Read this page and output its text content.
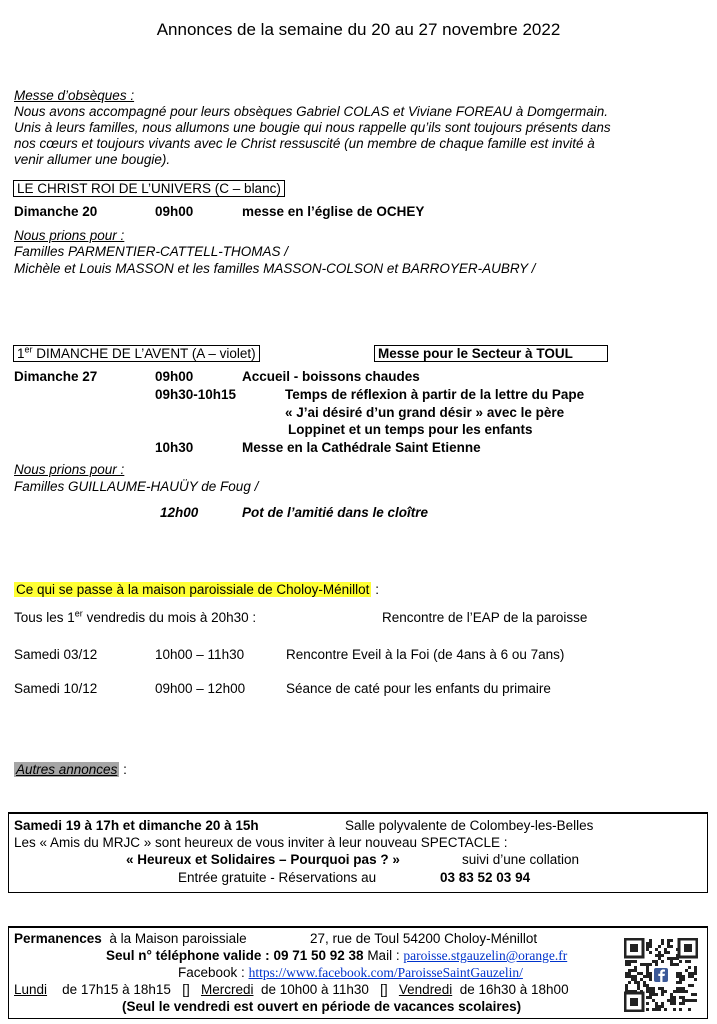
Annonces de la semaine du 20 au 27 novembre 2022
Messe d’obsèques :
Nous avons accompagné pour leurs obsèques Gabriel COLAS et Viviane FOREAU à Domgermain.
Unis à leurs familles, nous allumons une bougie qui nous rappelle qu’ils sont toujours présents dans
nos cœurs et toujours vivants avec le Christ ressuscité (un membre de chaque famille est invité à
venir allumer une bougie).
LE CHRIST ROI DE L’UNIVERS (C – blanc)
Dimanche 20	09h00	messe en l’église de OCHEY
Nous prions pour :
Familles PARMENTIER-CATTELL-THOMAS /
Michèle et Louis MASSON et les familles MASSON-COLSON et BARROYER-AUBRY /
1er DIMANCHE DE L’AVENT (A – violet)	Messe pour le Secteur à TOUL
Dimanche 27	09h00	Accueil - boissons chaudes
09h30-10h15	Temps de réflexion à partir de la lettre du Pape
« J’ai désiré d’un grand désir » avec le père
Loppinet et un temps pour les enfants
10h30	Messe en la Cathédrale Saint Etienne
Nous prions pour :
Familles GUILLAUME-HAUÜY de Foug /
12h00	Pot de l’amitié dans le cloître
Ce qui se passe à la maison paroissiale de Choloy-Ménillot :
Tous les 1er vendredis du mois à 20h30 :	Rencontre de l’EAP de la paroisse
Samedi 03/12	10h00 – 11h30	Rencontre Eveil à la Foi (de 4ans à 6 ou 7ans)
Samedi 10/12	09h00 – 12h00	Séance de caté pour les enfants du primaire
Autres annonces :
Samedi 19 à 17h et dimanche 20 à 15h	Salle polyvalente de Colombey-les-Belles
Les « Amis du MRJC » sont heureux de vous inviter à leur nouveau SPECTACLE :
« Heureux et Solidaires – Pourquoi pas ? »	suivi d’une collation
Entrée gratuite - Réservations au	03 83 52 03 94
Permanences à la Maison paroissiale	27, rue de Toul 54200 Choloy-Ménillot
Seul n° téléphone valide : 09 71 50 92 38 Mail : paroisse.stgauzelin@orange.fr
Facebook : https://www.facebook.com/ParoisseSaintGauzelin/
Lundi de 17h15 à 18h15 [] Mercredi de 10h00 à 11h30 [] Vendredi de 16h30 à 18h00
(Seul le vendredi est ouvert en période de vacances scolaires)
